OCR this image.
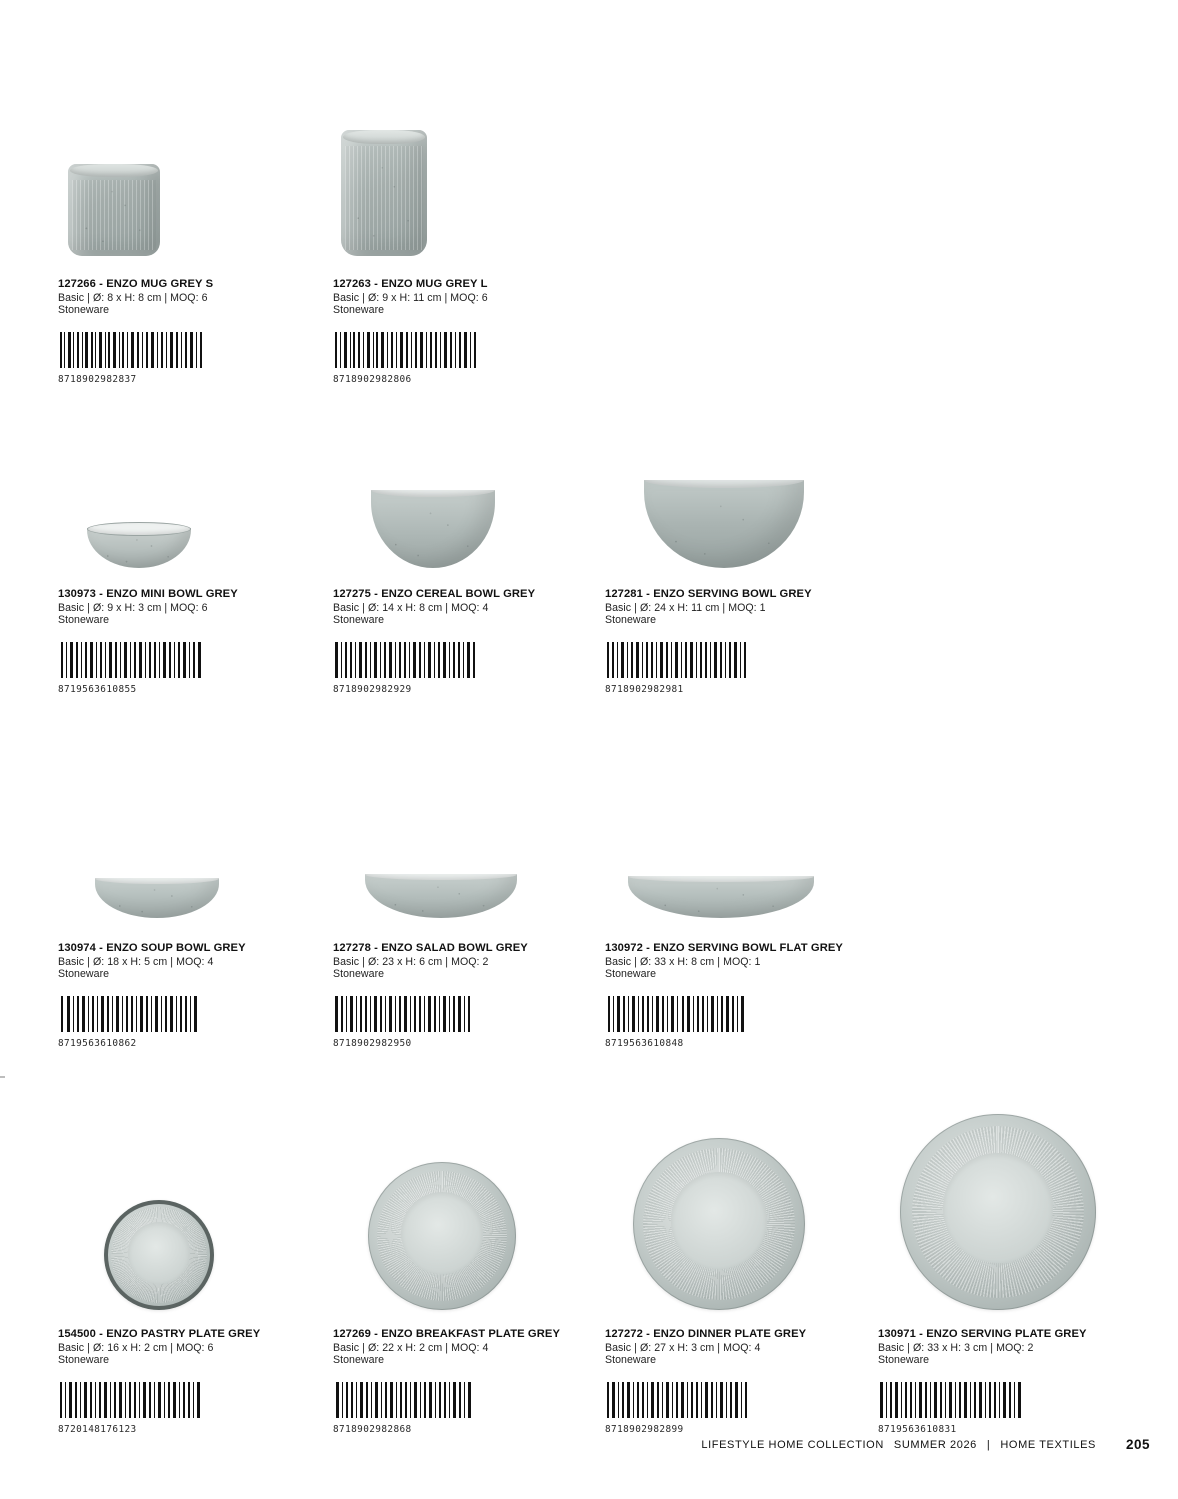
127266 - ENZO MUG GREY S
Basic | Ø: 8 x H: 8 cm | MOQ: 6
Stoneware
8718902982837
127263 - ENZO MUG GREY L
Basic | Ø: 9 x H: 11 cm | MOQ: 6
Stoneware
8718902982806
130973 - ENZO MINI BOWL GREY
Basic | Ø: 9 x H: 3 cm | MOQ: 6
Stoneware
8719563610855
127275 - ENZO CEREAL BOWL GREY
Basic | Ø: 14 x H: 8 cm | MOQ: 4
Stoneware
8718902982929
127281 - ENZO SERVING BOWL GREY
Basic | Ø: 24 x H: 11 cm | MOQ: 1
Stoneware
8718902982981
130974 - ENZO SOUP BOWL GREY
Basic | Ø: 18 x H: 5 cm | MOQ: 4
Stoneware
8719563610862
127278 - ENZO SALAD BOWL GREY
Basic | Ø: 23 x H: 6 cm | MOQ: 2
Stoneware
8718902982950
130972 - ENZO SERVING BOWL FLAT GREY
Basic | Ø: 33 x H: 8 cm | MOQ: 1
Stoneware
8719563610848
154500 - ENZO PASTRY PLATE GREY
Basic | Ø: 16 x H: 2 cm | MOQ: 6
Stoneware
8720148176123
127269 - ENZO BREAKFAST PLATE GREY
Basic | Ø: 22 x H: 2 cm | MOQ: 4
Stoneware
8718902982868
127272 - ENZO DINNER PLATE GREY
Basic | Ø: 27 x H: 3 cm | MOQ: 4
Stoneware
8718902982899
130971 - ENZO SERVING PLATE GREY
Basic | Ø: 33 x H: 3 cm | MOQ: 2
Stoneware
8719563610831
LIFESTYLE HOME COLLECTION SUMMER 2026 | HOME TEXTILES 205
